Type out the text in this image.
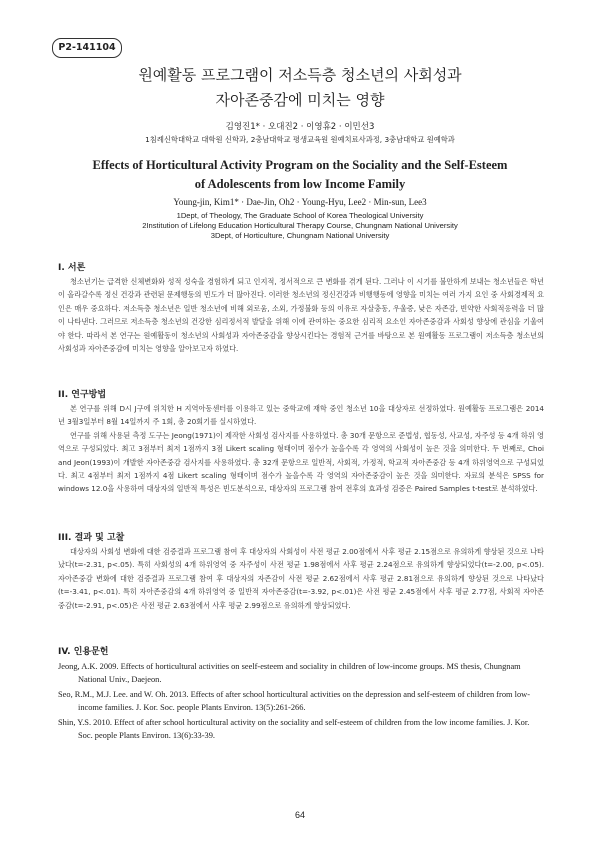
P2-141104
원예활동 프로그램이 저소득층 청소년의 사회성과
자아존중감에 미치는 영향
김영진1* · 오대진2 · 이영휴2 · 이민선3
1침례신학대학교 대학원 신학과, 2충남대학교 평생교육원 원예치료사과정, 3충남대학교 원예학과
Effects of Horticultural Activity Program on the Sociality and the Self-Esteem
of Adolescents from low Income Family
Young-jin, Kim1* · Dae-Jin, Oh2 · Young-Hyu, Lee2 · Min-sun, Lee3
1Dept, of Theology, The Graduate School of Korea Theological University
2Institution of Lifelong Education Horticultural Therapy Course, Chungnam National University
3Dept, of Horticulture, Chungnam National University
I. 서론

청소년기는 급격한 신체변화와 성적 성숙을 경험하게 되고 인지적, 정서적으로 큰 변화를 겪게 된다. 그러나 이 시기를 불안하게 보내는 청소년들은 학년이 올라갈수록 정신 건강과 관련된 문제행동의 빈도가 더 많아진다. 이러한 청소년의 정신건강과 비행행동에 영향을 미치는 여러 가지 요인 중 사회경제적 요인은 매우 중요하다. 저소득층 청소년은 일반 청소년에 비해 외로움, 소외, 가정불화 등의 이유로 자살충동, 우울증, 낮은 자존감, 빈약한 사회적응력을 더 많이 나타낸다. 그러므로 저소득층 청소년의 건강한 심리정서적 발달을 위해 이에 관여하는 중요한 심리적 요소인 자아존중감과 사회성 향상에 관심을 기울여야 한다. 따라서 본 연구는 원예활동이 청소년의 사회성과 자아존중감을 향상시킨다는 경험적 근거를 바탕으로 본 원예활동 프로그램이 저소득층 청소년의 사회성과 자아존중감에 미치는 영향을 알아보고자 하였다.

II. 연구방법

본 연구를 위해 D시 J구에 위치한 H 지역아동센터를 이용하고 있는 중학교에 재학 중인 청소년 10을 대상자로 선정하였다. 원예활동 프로그램은 2014년 3월3일부터 8월 14일까지 주 1회, 총 20회기를 실시하였다.

연구를 위해 사용된 측정 도구는 Jeong(1971)이 제작한 사회성 검사지를 사용하였다. 총 30개 문항으로 준법성, 협동성, 사교성, 자주성 등 4개 하위 영역으로 구성되었다. 최고 3점부터 최저 1점까지 3점 Likert scaling 형태이며 점수가 높을수록 각 영역의 사회성이 높은 것을 의미한다. 두 번째로, Choi and Jeon(1993)이 개발한 자아존중감 검사지를 사용하였다. 총 32개 문항으로 일반적, 사회적, 가정적, 학교적 자아존중감 등 4개 하위영역으로 구성되었다. 최고 4점부터 최저 1점까지 4점 Likert scaling 형태이며 점수가 높을수록 각 영역의 자아존중감이 높은 것을 의미한다. 자료의 분석은 SPSS for windows 12.0을 사용하여 대상자의 일반적 특성은 빈도분석으로, 대상자의 프로그램 참여 전후의 효과성 검증은 Paired Samples t-test로 분석하였다.

III. 결과 및 고찰

대상자의 사회성 변화에 대한 검증결과 프로그램 참여 후 대상자의 사회성이 사전 평균 2.00점에서 사후 평균 2.15점으로 유의하게 향상된 것으로 나타났다(t=-2.31, p<.05). 특히 사회성의 4개 하위영역 중 자주성이 사전 평균 1.98점에서 사후 평균 2.24점으로 유의하게 향상되었다(t=-2.00, p<.05). 자아존중감 변화에 대한 검증결과 프로그램 참여 후 대상자의 자존감이 사전 평균 2.62점에서 사후 평균 2.81점으로 유의하게 향상된 것으로 나타났다(t=-3.41, p<.01). 특히 자아존중감의 4개 하위영역 중 일반적 자아존중감(t=-3.92, p<.01)은 사전 평균 2.45점에서 사후 평균 2.77점, 사회적 자아존중감(t=-2.91, p<.05)은 사전 평균 2.63점에서 사후 평균 2.99점으로 유의하게 향상되었다.

IV. 인용문헌
Jeong, A.K. 2009. Effects of horticultural activities on seelf-esteem and sociality in children of low-income groups. MS thesis, Chungnam National Univ., Daejeon.
Seo, R.M., M.J. Lee. and W. Oh. 2013. Effects of after school horticultural activities on the depression and self-esteem of children from low-income families. J. Kor. Soc. people Plants Environ. 13(5):261-266.
Shin, Y.S. 2010. Effect of after school horticultural activity on the sociality and self-esteem of children from the low income families. J. Kor. Soc. people Plants Environ. 13(6):33-39.
64
